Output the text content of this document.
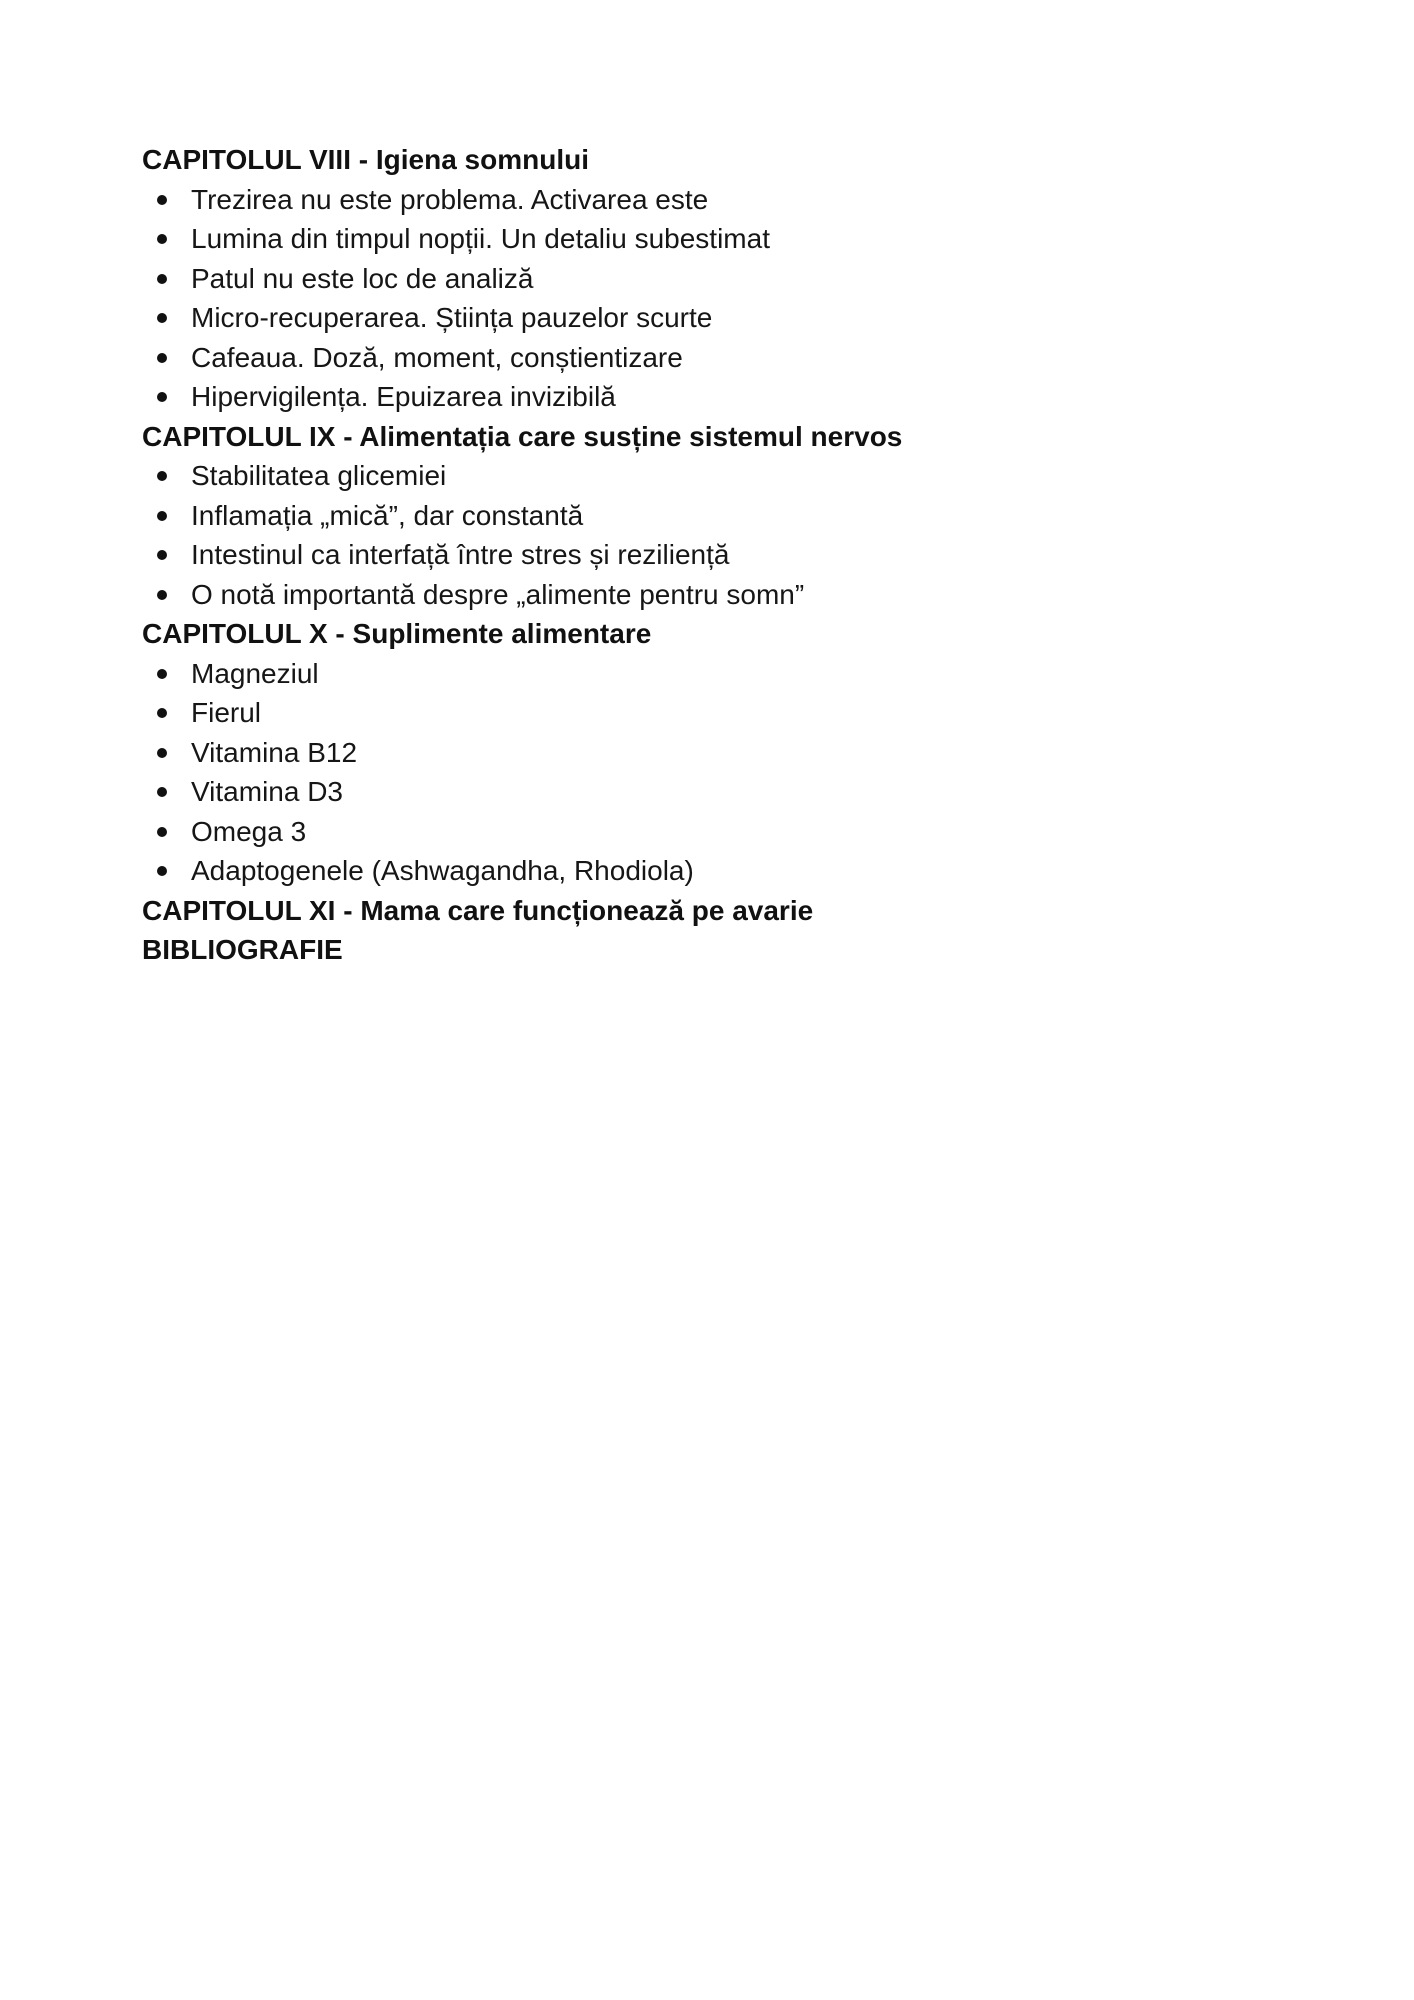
CAPITOLUL VIII - Igiena somnului
Trezirea nu este problema. Activarea este
Lumina din timpul nopții. Un detaliu subestimat
Patul nu este loc de analiză
Micro-recuperarea. Știința pauzelor scurte
Cafeaua. Doză, moment, conștientizare
Hipervigilența. Epuizarea invizibilă
CAPITOLUL IX - Alimentația care susține sistemul nervos
Stabilitatea glicemiei
Inflamația „mică”, dar constantă
Intestinul ca interfață între stres și reziliență
O notă importantă despre „alimente pentru somn”
CAPITOLUL X - Suplimente alimentare
Magneziul
Fierul
Vitamina B12
Vitamina D3
Omega 3
Adaptogenele (Ashwagandha, Rhodiola)
CAPITOLUL XI - Mama care funcționează pe avarie
BIBLIOGRAFIE
